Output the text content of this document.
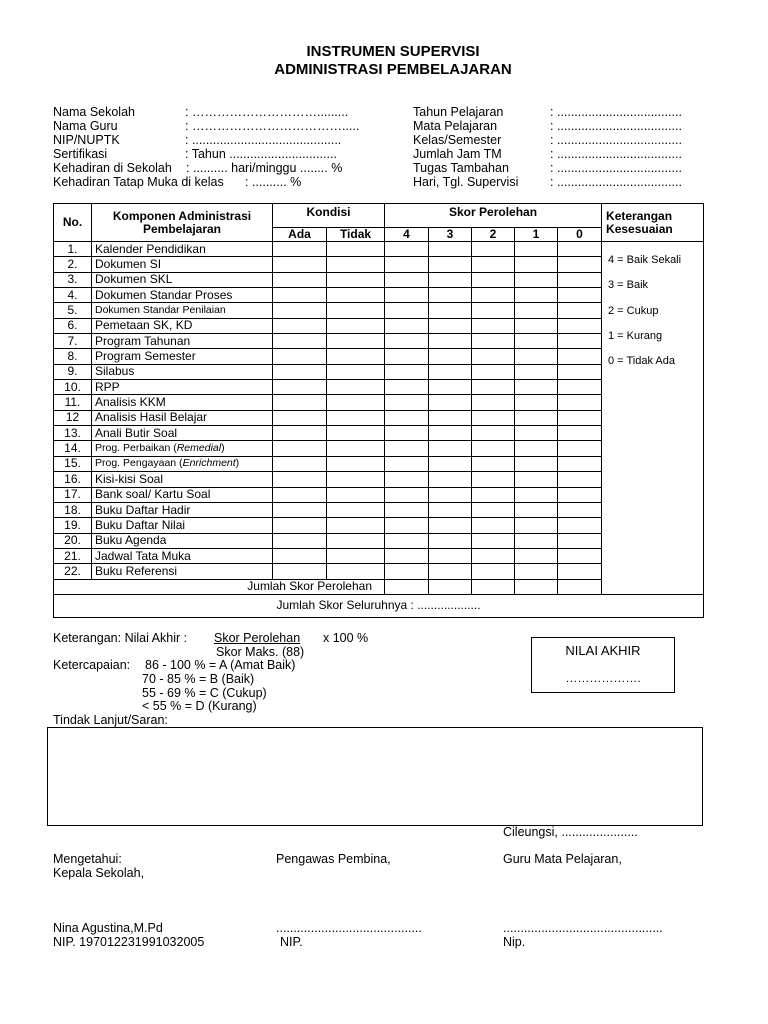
INSTRUMEN SUPERVISI
ADMINISTRASI PEMBELAJARAN
Nama Sekolah	: ………………………….........
Nama Guru	: ……………………………….....
NIP/NUPTK	: ...........................................
Sertifikasi	: Tahun ...............................
Kehadiran di Sekolah : .......... hari/minggu ........ %
Kehadiran Tatap Muka di kelas : .......... %
Tahun Pelajaran	: ....................................
Mata Pelajaran	: ....................................
Kelas/Semester	: ....................................
Jumlah Jam TM	: ....................................
Tugas Tambahan	: ....................................
Hari, Tgl. Supervisi	: ....................................
No.	Komponen Administrasi Pembelajaran	Kondisi		Skor Perolehan					Keterangan Kesesuaian
		Ada	Tidak	4	3	2	1	0	
1.	Kalender Pendidikan								
2.	Dokumen SI								
3.	Dokumen SKL								
4.	Dokumen Standar Proses								
5.	Dokumen Standar Penilaian								
6.	Pemetaan SK, KD								
7.	Program Tahunan								
8.	Program Semester								
9.	Silabus								
10.	RPP								
11.	Analisis KKM								
12	Analisis Hasil Belajar								
13.	Anali Butir Soal								
14.	Prog. Perbaikan (Remedial)								
15.	Prog. Pengayaan (Enrichment)								
16.	Kisi-kisi Soal								
17.	Bank soal/ Kartu Soal								
18.	Buku Daftar Hadir								
19.	Buku Daftar Nilai								
20.	Buku Agenda								
21.	Jadwal Tata Muka								
22.	Buku Referensi								
Jumlah Skor Perolehan									
Jumlah Skor Seluruhnya : ...................									
4 = Baik Sekali
3 = Baik
2 = Cukup
1 = Kurang
0 = Tidak Ada
Keterangan: Nilai Akhir : Skor Perolehan x 100 %
Skor Maks. (88)
Ketercapaian: 86 - 100 % = A (Amat Baik)
70 - 85 % = B (Baik)
55 - 69 % = C (Cukup)
< 55 % = D (Kurang)
NILAI AKHIR
……………….
Tindak Lanjut/Saran:
Cileungsi, ......................
Mengetahui:
Kepala Sekolah,
Pengawas Pembina,	Guru Mata Pelajaran,
Nina Agustina,M.Pd
NIP. 197012231991032005
..........................................
NIP.
..............................................
Nip.
